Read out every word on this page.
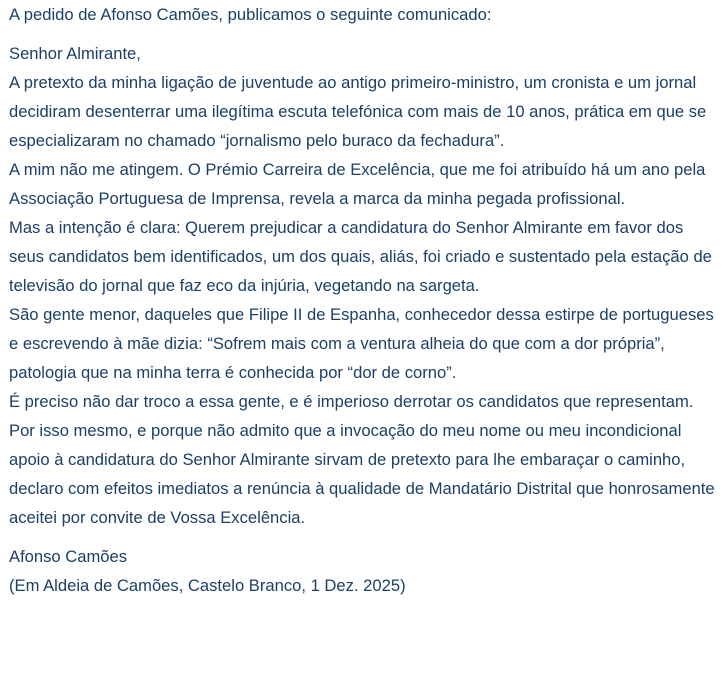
A pedido de Afonso Camões, publicamos o seguinte comunicado:

Senhor Almirante,

A pretexto da minha ligação de juventude ao antigo primeiro-ministro, um cronista e um jornal decidiram desenterrar uma ilegítima escuta telefónica com mais de 10 anos, prática em que se especializaram no chamado “jornalismo pelo buraco da fechadura”.

A mim não me atingem. O Prémio Carreira de Excelência, que me foi atribuído há um ano pela Associação Portuguesa de Imprensa, revela a marca da minha pegada profissional.

Mas a intenção é clara: Querem prejudicar a candidatura do Senhor Almirante em favor dos seus candidatos bem identificados, um dos quais, aliás, foi criado e sustentado pela estação de televisão do jornal que faz eco da injúria, vegetando na sargeta.

São gente menor, daqueles que Filipe II de Espanha, conhecedor dessa estirpe de portugueses e escrevendo à mãe dizia: “Sofrem mais com a ventura alheia do que com a dor própria”, patologia que na minha terra é conhecida por “dor de corno”.

É preciso não dar troco a essa gente, e é imperioso derrotar os candidatos que representam.

Por isso mesmo, e porque não admito que a invocação do meu nome ou meu incondicional apoio à candidatura do Senhor Almirante sirvam de pretexto para lhe embaraçar o caminho, declaro com efeitos imediatos a renúncia à qualidade de Mandatário Distrital que honrosamente aceitei por convite de Vossa Excelência.

Afonso Camões

(Em Aldeia de Camões, Castelo Branco, 1 Dez. 2025)
